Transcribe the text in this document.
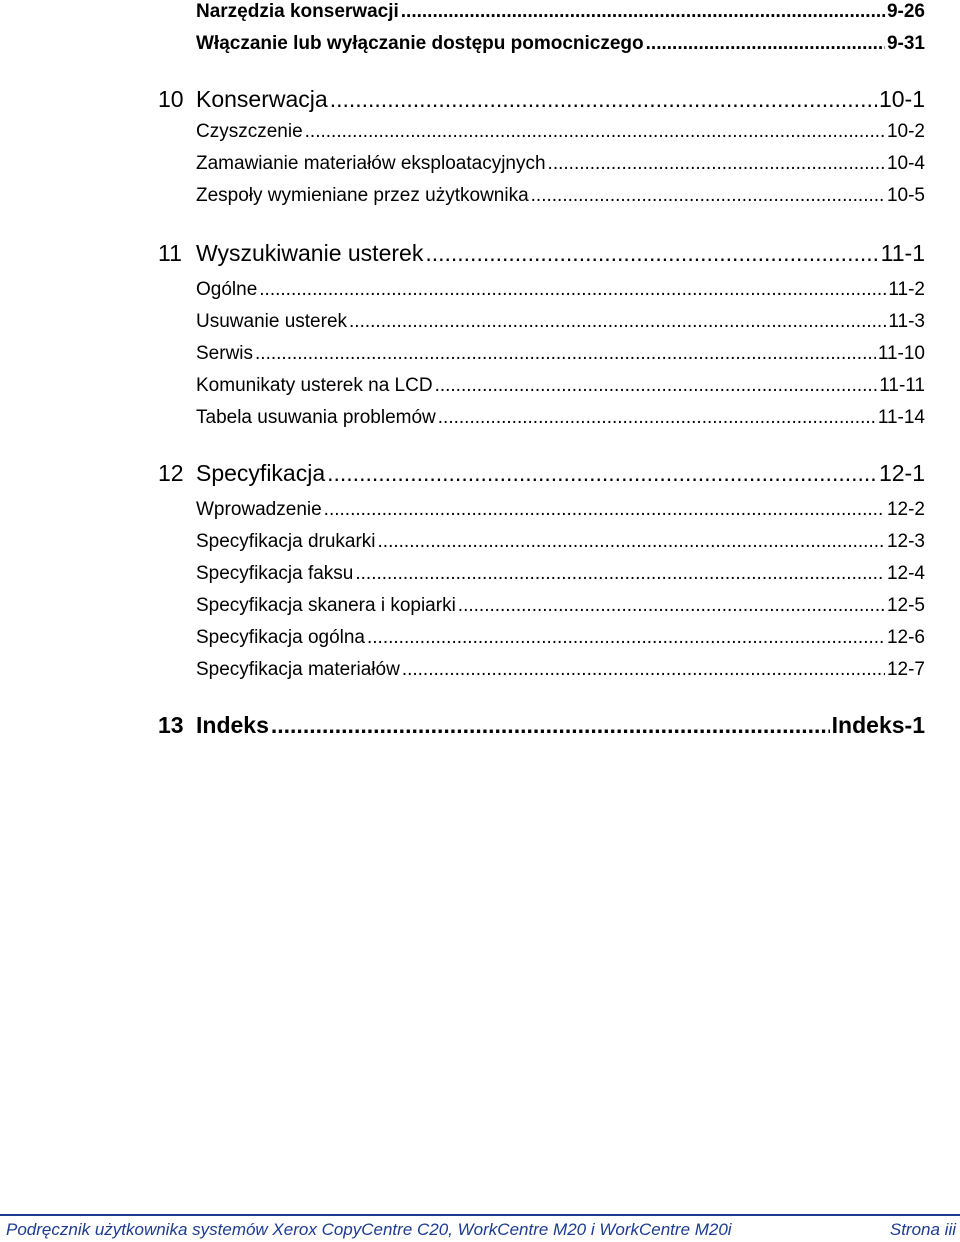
Narzędzia konserwacji .....	9-26
Włączanie lub wyłączanie dostępu pomocniczego .....	9-31
10 Konserwacja .....	10-1
Czyszczenie .....	10-2
Zamawianie materiałów eksploatacyjnych .....	10-4
Zespoły wymieniane przez użytkownika .....	10-5
11 Wyszukiwanie usterek .....	11-1
Ogólne .....	11-2
Usuwanie usterek .....	11-3
Serwis .....	11-10
Komunikaty usterek na LCD .....	11-11
Tabela usuwania problemów .....	11-14
12 Specyfikacja .....	12-1
Wprowadzenie .....	12-2
Specyfikacja drukarki .....	12-3
Specyfikacja faksu .....	12-4
Specyfikacja skanera i kopiarki .....	12-5
Specyfikacja ogólna .....	12-6
Specyfikacja materiałów .....	12-7
13 Indeks .....	Indeks-1
Podręcznik użytkownika systemów Xerox CopyCentre C20, WorkCentre M20 i WorkCentre M20i	Strona iii
